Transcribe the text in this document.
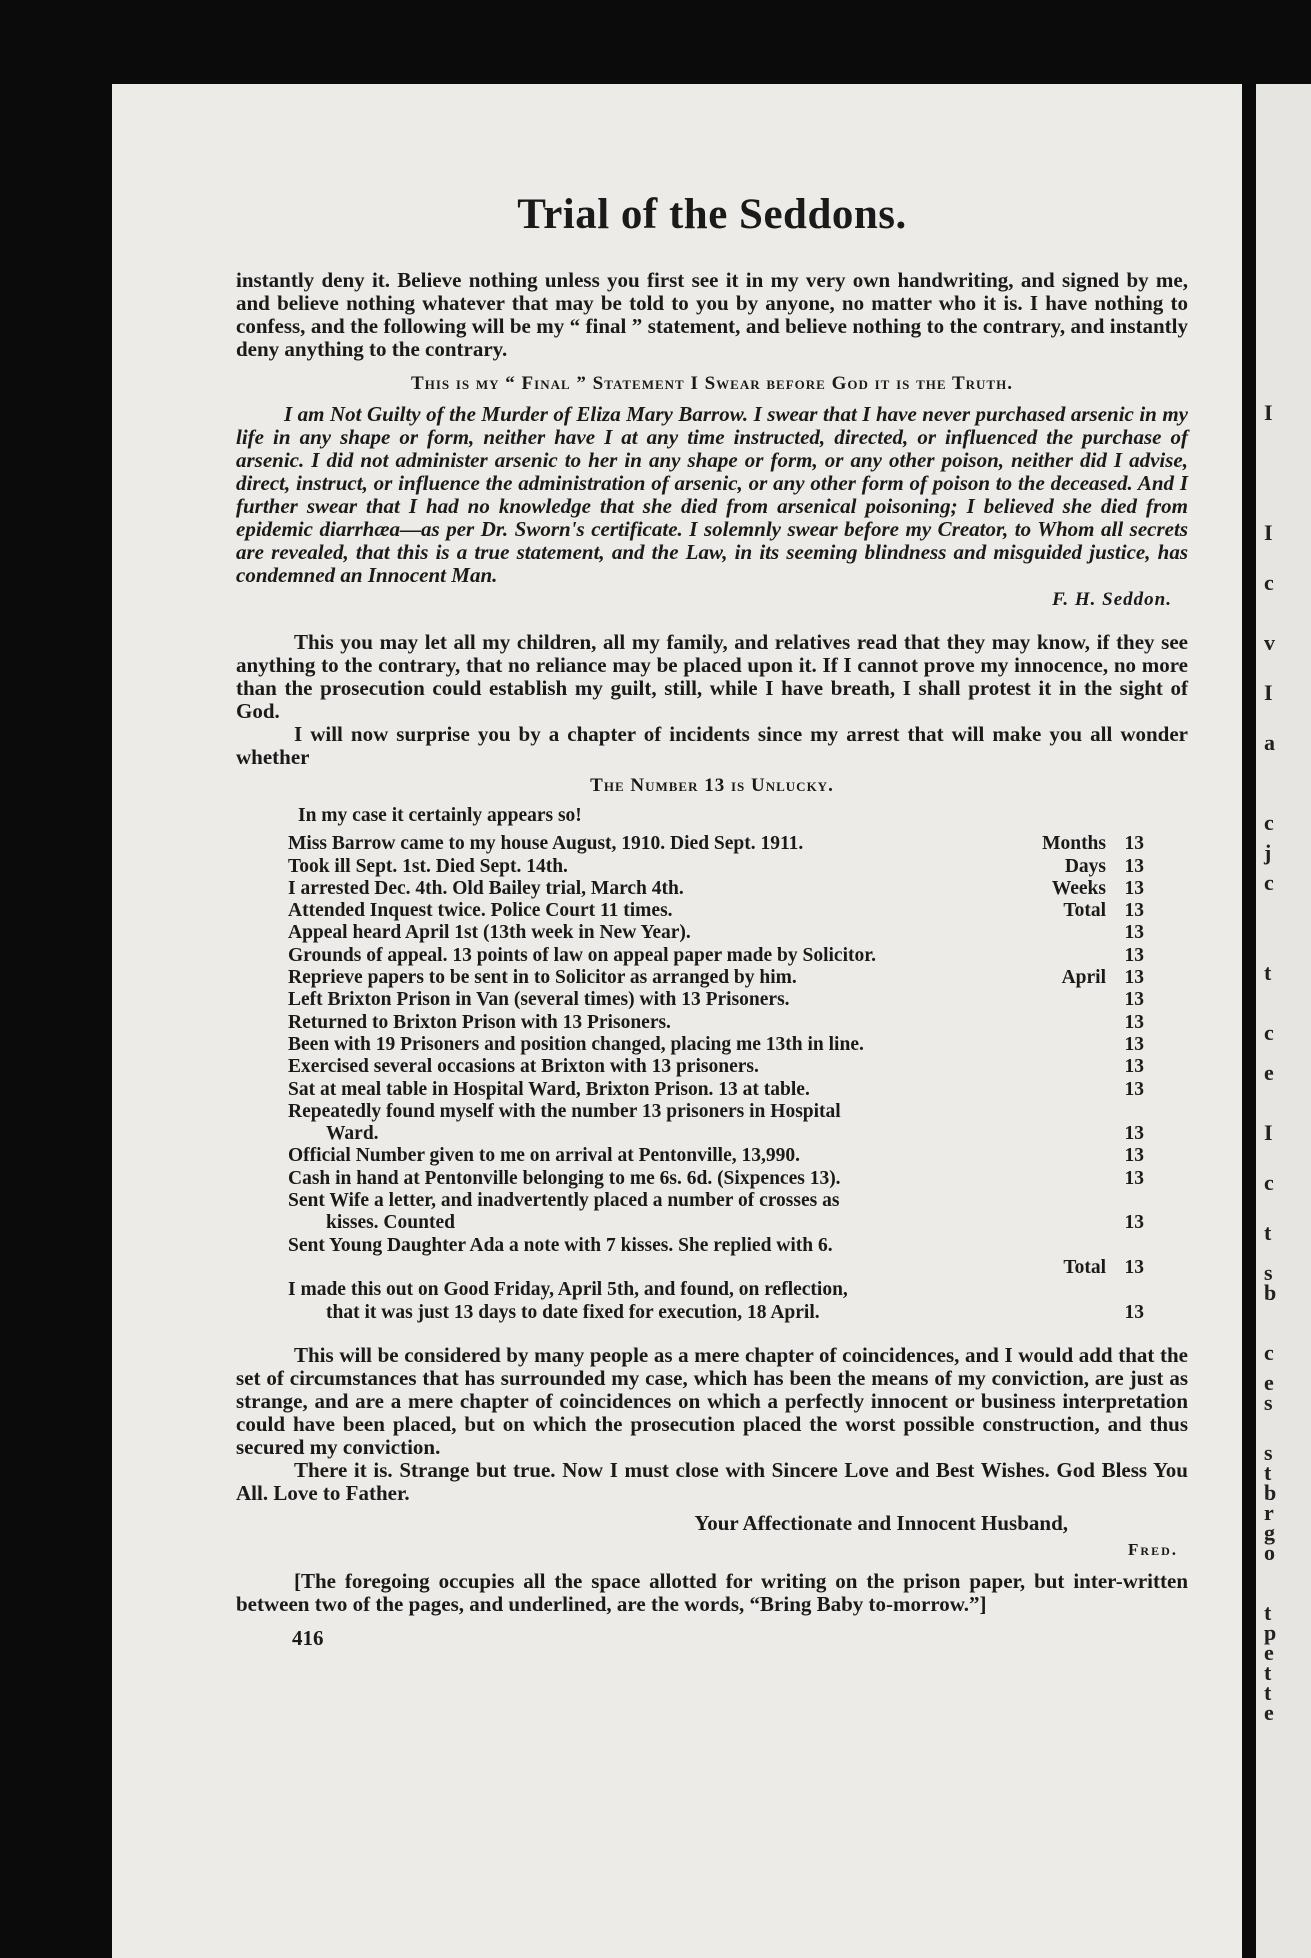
I
I
c
v
I
a
c
j
c
t
c
e
I
c
t
s
b
c
e
s
s
t
b
r
g
o
t
p
e
t
t
e
Trial of the Seddons.

instantly deny it. Believe nothing unless you first see it in my very own handwriting, and signed by me, and believe nothing whatever that may be told to you by anyone, no matter who it is. I have nothing to confess, and the following will be my “ final ” statement, and believe nothing to the contrary, and instantly deny anything to the contrary.

This is my “ Final ” Statement I Swear before God it is the Truth.

I am Not Guilty of the Murder of Eliza Mary Barrow. I swear that I have never purchased arsenic in my life in any shape or form, neither have I at any time instructed, directed, or influenced the purchase of arsenic. I did not administer arsenic to her in any shape or form, or any other poison, neither did I advise, direct, instruct, or influence the administration of arsenic, or any other form of poison to the deceased. And I further swear that I had no knowledge that she died from arsenical poisoning; I believed she died from epidemic diarrhæa—as per Dr. Sworn's certificate. I solemnly swear before my Creator, to Whom all secrets are revealed, that this is a true statement, and the Law, in its seeming blindness and misguided justice, has condemned an Innocent Man.

F. H. Seddon.

This you may let all my children, all my family, and relatives read that they may know, if they see anything to the contrary, that no reliance may be placed upon it. If I cannot prove my innocence, no more than the prosecution could establish my guilt, still, while I have breath, I shall protest it in the sight of God.

I will now surprise you by a chapter of incidents since my arrest that will make you all wonder whether

The Number 13 is Unlucky.
In my case it certainly appears so!
Miss Barrow came to my house August, 1910. Died Sept. 1911.	Months 13
Took ill Sept. 1st. Died Sept. 14th.	Days 13
I arrested Dec. 4th. Old Bailey trial, March 4th.	Weeks 13
Attended Inquest twice. Police Court 11 times.	Total 13
Appeal heard April 1st (13th week in New Year).	13
Grounds of appeal. 13 points of law on appeal paper made by Solicitor.	13
Reprieve papers to be sent in to Solicitor as arranged by him.	April 13
Left Brixton Prison in Van (several times) with 13 Prisoners.	13
Returned to Brixton Prison with 13 Prisoners.	13
Been with 19 Prisoners and position changed, placing me 13th in line.	13
Exercised several occasions at Brixton with 13 prisoners.	13
Sat at meal table in Hospital Ward, Brixton Prison. 13 at table.	13
Repeatedly found myself with the number 13 prisoners in Hospital
Ward.	13
Official Number given to me on arrival at Pentonville, 13,990.	13
Cash in hand at Pentonville belonging to me 6s. 6d. (Sixpences 13).	13
Sent Wife a letter, and inadvertently placed a number of crosses as
kisses. Counted	13
Sent Young Daughter Ada a note with 7 kisses. She replied with 6.
Total 13
I made this out on Good Friday, April 5th, and found, on reflection,
that it was just 13 days to date fixed for execution, 18 April.	13

This will be considered by many people as a mere chapter of coincidences, and I would add that the set of circumstances that has surrounded my case, which has been the means of my conviction, are just as strange, and are a mere chapter of coincidences on which a perfectly innocent or business interpretation could have been placed, but on which the prosecution placed the worst possible construction, and thus secured my conviction.

There it is. Strange but true. Now I must close with Sincere Love and Best Wishes. God Bless You All. Love to Father.

Your Affectionate and Innocent Husband,
Fred.

[The foregoing occupies all the space allotted for writing on the prison paper, but inter-written between two of the pages, and underlined, are the words, “Bring Baby to-morrow.”]

416
